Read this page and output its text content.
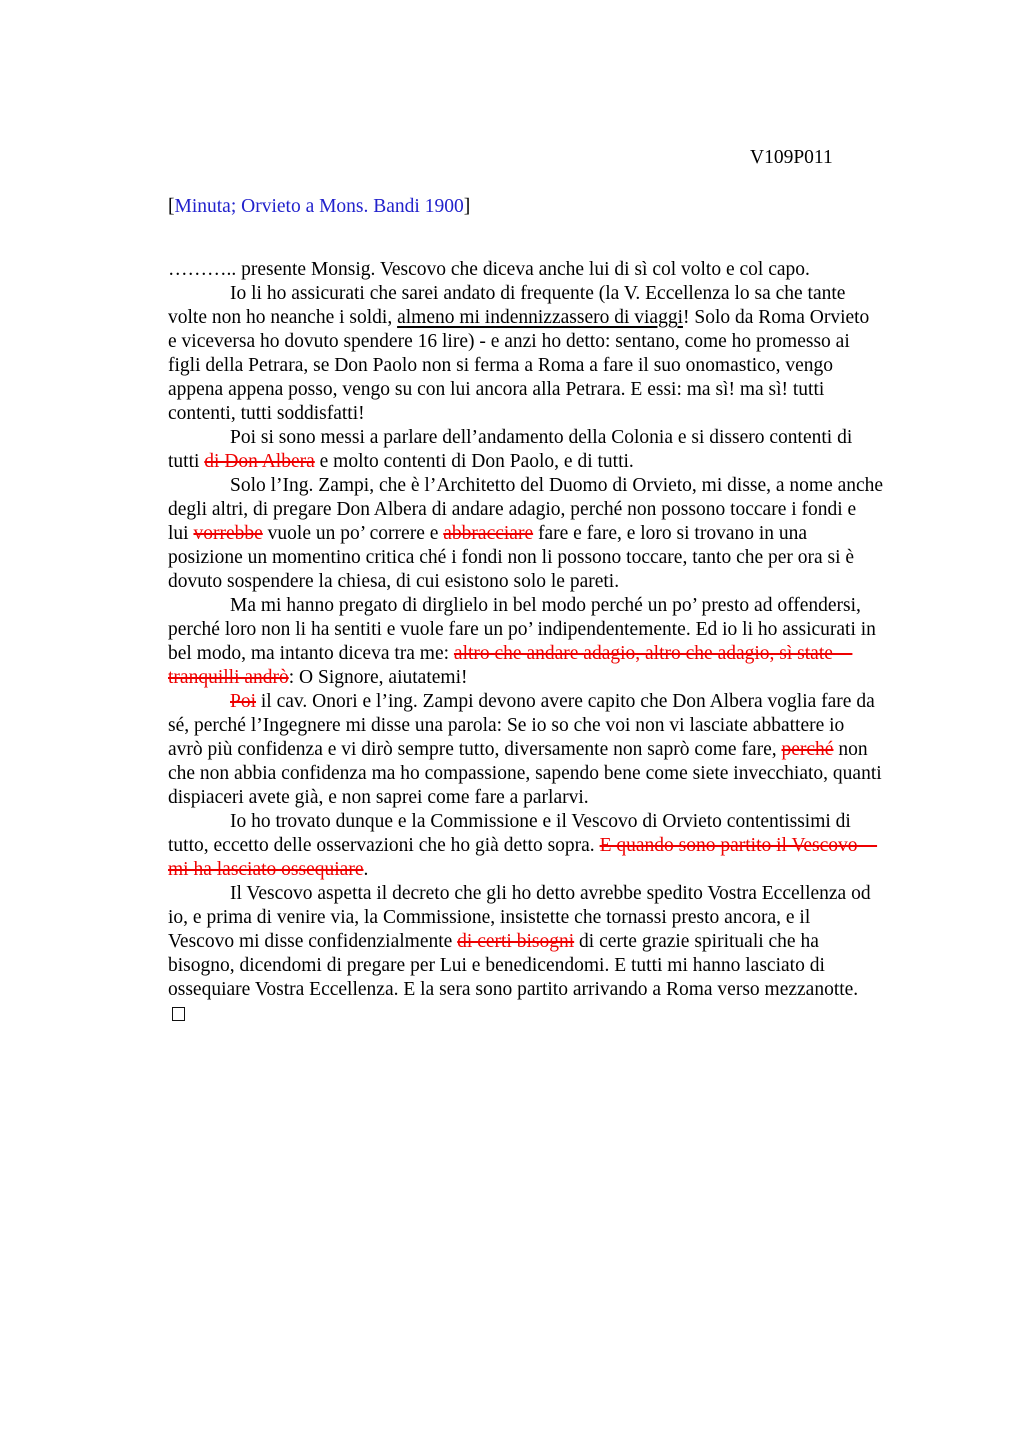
V109P011
[Minuta; Orvieto a Mons. Bandi 1900]
……….. presente Monsig. Vescovo che diceva anche lui di sì col volto e col capo.
Io li ho assicurati che sarei andato di frequente (la V. Eccellenza lo sa che tante
volte non ho neanche i soldi, almeno mi indennizzassero di viaggi! Solo da Roma Orvieto
e viceversa ho dovuto spendere 16 lire) - e anzi ho detto: sentano, come ho promesso ai
figli della Petrara, se Don Paolo non si ferma a Roma a fare il suo onomastico, vengo
appena appena posso, vengo su con lui ancora alla Petrara. E essi: ma sì! ma sì! tutti
contenti, tutti soddisfatti!
Poi si sono messi a parlare dell’andamento della Colonia e si dissero contenti di
tutti di Don Albera e molto contenti di Don Paolo, e di tutti.
Solo l’Ing. Zampi, che è l’Architetto del Duomo di Orvieto, mi disse, a nome anche
degli altri, di pregare Don Albera di andare adagio, perché non possono toccare i fondi e
lui vorrebbe vuole un po’ correre e abbracciare fare e fare, e loro si trovano in una
posizione un momentino critica ché i fondi non li possono toccare, tanto che per ora si è
dovuto sospendere la chiesa, di cui esistono solo le pareti.
Ma mi hanno pregato di dirglielo in bel modo perché un po’ presto ad offendersi,
perché loro non li ha sentiti e vuole fare un po’ indipendentemente. Ed io li ho assicurati in
bel modo, ma intanto diceva tra me: altro che andare adagio, altro che adagio, sì state
tranquilli andrò: O Signore, aiutatemi!
Poi il cav. Onori e l’ing. Zampi devono avere capito che Don Albera voglia fare da
sé, perché l’Ingegnere mi disse una parola: Se io so che voi non vi lasciate abbattere io
avrò più confidenza e vi dirò sempre tutto, diversamente non saprò come fare, perché non
che non abbia confidenza ma ho compassione, sapendo bene come siete invecchiato, quanti
dispiaceri avete già, e non saprei come fare a parlarvi.
Io ho trovato dunque e la Commissione e il Vescovo di Orvieto contentissimi di
tutto, eccetto delle osservazioni che ho già detto sopra. E quando sono partito il Vescovo
mi ha lasciato ossequiare.
Il Vescovo aspetta il decreto che gli ho detto avrebbe spedito Vostra Eccellenza od
io, e prima di venire via, la Commissione, insistette che tornassi presto ancora, e il
Vescovo mi disse confidenzialmente di certi bisogni di certe grazie spirituali che ha
bisogno, dicendomi di pregare per Lui e benedicendomi. E tutti mi hanno lasciato di
ossequiare Vostra Eccellenza. E la sera sono partito arrivando a Roma verso mezzanotte.
